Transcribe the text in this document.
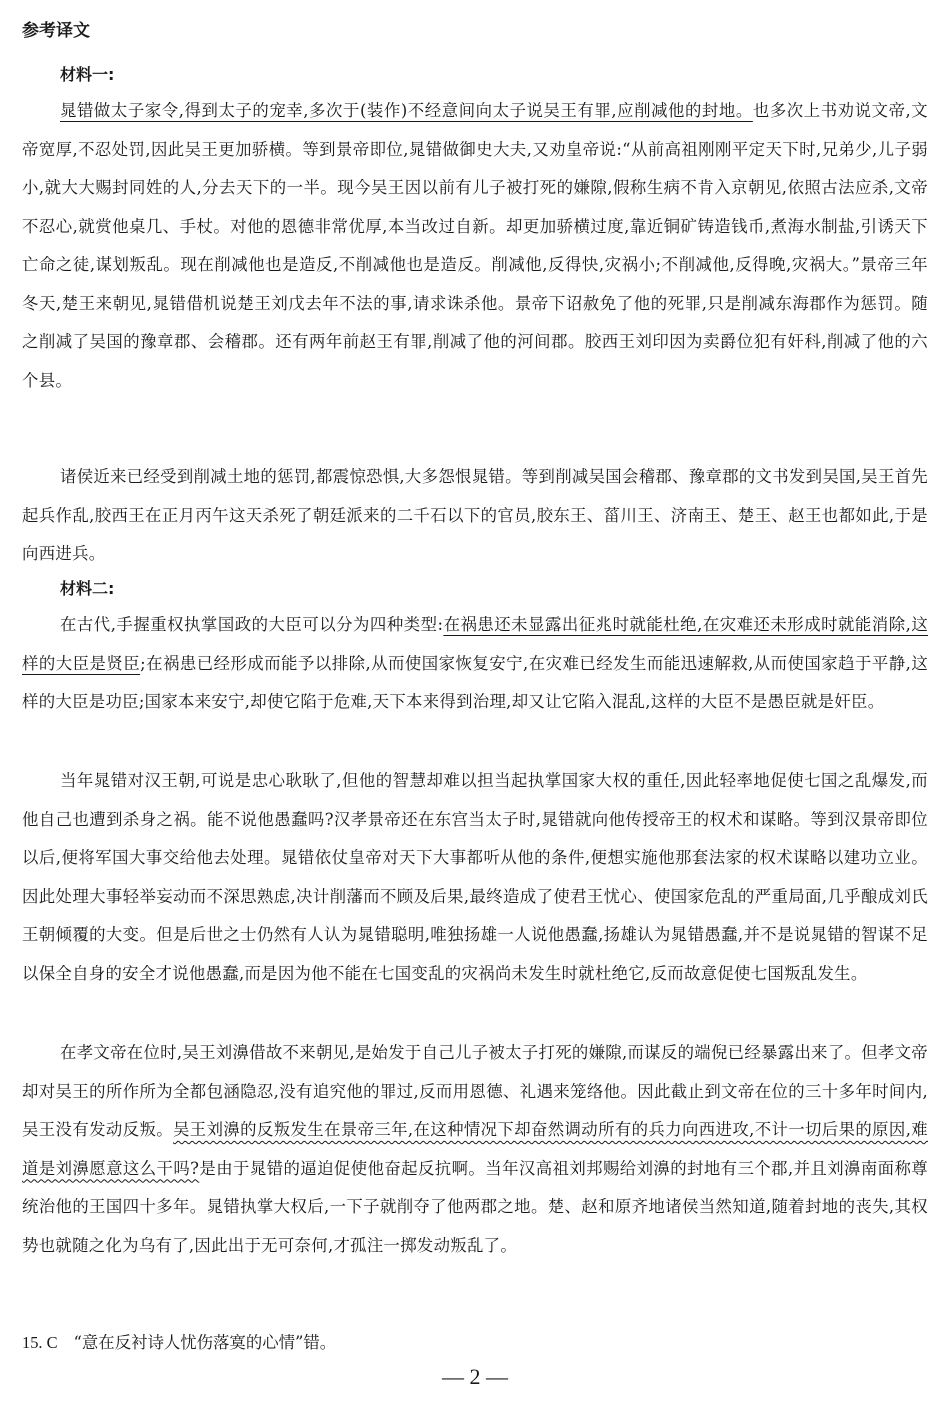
参考译文
材料一:
晁错做太子家令,得到太子的宠幸,多次于(装作)不经意间向太子说吴王有罪,应削减他的封地。也多次上书劝说文帝,文帝宽厚,不忍处罚,因此吴王更加骄横。等到景帝即位,晁错做御史大夫,又劝皇帝说:“从前高祖刚刚平定天下时,兄弟少,儿子弱小,就大大赐封同姓的人,分去天下的一半。现今吴王因以前有儿子被打死的嫌隙,假称生病不肯入京朝见,依照古法应杀,文帝不忍心,就赏他桌几、手杖。对他的恩德非常优厚,本当改过自新。却更加骄横过度,靠近铜矿铸造钱币,煮海水制盐,引诱天下亡命之徒,谋划叛乱。现在削减他也是造反,不削减他也是造反。削减他,反得快,灾祸小;不削减他,反得晚,灾祸大。”景帝三年冬天,楚王来朝见,晁错借机说楚王刘戊去年不法的事,请求诛杀他。景帝下诏赦免了他的死罪,只是削减东海郡作为惩罚。随之削减了吴国的豫章郡、会稽郡。还有两年前赵王有罪,削减了他的河间郡。胶西王刘印因为卖爵位犯有奸科,削减了他的六个县。
诸侯近来已经受到削减土地的惩罚,都震惊恐惧,大多怨恨晁错。等到削减吴国会稽郡、豫章郡的文书发到吴国,吴王首先起兵作乱,胶西王在正月丙午这天杀死了朝廷派来的二千石以下的官员,胶东王、菑川王、济南王、楚王、赵王也都如此,于是向西进兵。
材料二:
在古代,手握重权执掌国政的大臣可以分为四种类型:在祸患还未显露出征兆时就能杜绝,在灾难还未形成时就能消除,这样的大臣是贤臣;在祸患已经形成而能予以排除,从而使国家恢复安宁,在灾难已经发生而能迅速解救,从而使国家趋于平静,这样的大臣是功臣;国家本来安宁,却使它陷于危难,天下本来得到治理,却又让它陷入混乱,这样的大臣不是愚臣就是奸臣。
当年晁错对汉王朝,可说是忠心耿耿了,但他的智慧却难以担当起执掌国家大权的重任,因此轻率地促使七国之乱爆发,而他自己也遭到杀身之祸。能不说他愚蠢吗?汉孝景帝还在东宫当太子时,晁错就向他传授帝王的权术和谋略。等到汉景帝即位以后,便将军国大事交给他去处理。晁错依仗皇帝对天下大事都听从他的条件,便想实施他那套法家的权术谋略以建功立业。因此处理大事轻举妄动而不深思熟虑,决计削藩而不顾及后果,最终造成了使君王忧心、使国家危乱的严重局面,几乎酿成刘氏王朝倾覆的大变。但是后世之士仍然有人认为晁错聪明,唯独扬雄一人说他愚蠢,扬雄认为晁错愚蠢,并不是说晁错的智谋不足以保全自身的安全才说他愚蠢,而是因为他不能在七国变乱的灾祸尚未发生时就杜绝它,反而故意促使七国叛乱发生。
在孝文帝在位时,吴王刘濞借故不来朝见,是始发于自己儿子被太子打死的嫌隙,而谋反的端倪已经暴露出来了。但孝文帝却对吴王的所作所为全都包涵隐忍,没有追究他的罪过,反而用恩德、礼遇来笼络他。因此截止到文帝在位的三十多年时间内,吴王没有发动反叛。吴王刘濞的反叛发生在景帝三年,在这种情况下却奋然调动所有的兵力向西进攻,不计一切后果的原因,难道是刘濞愿意这么干吗?是由于晁错的逼迫促使他奋起反抗啊。当年汉高祖刘邦赐给刘濞的封地有三个郡,并且刘濞南面称尊统治他的王国四十多年。晁错执掌大权后,一下子就削夺了他两郡之地。楚、赵和原齐地诸侯当然知道,随着封地的丧失,其权势也就随之化为乌有了,因此出于无可奈何,才孤注一掷发动叛乱了。
15. C “意在反衬诗人忧伤落寞的心情”错。
— 2 —
